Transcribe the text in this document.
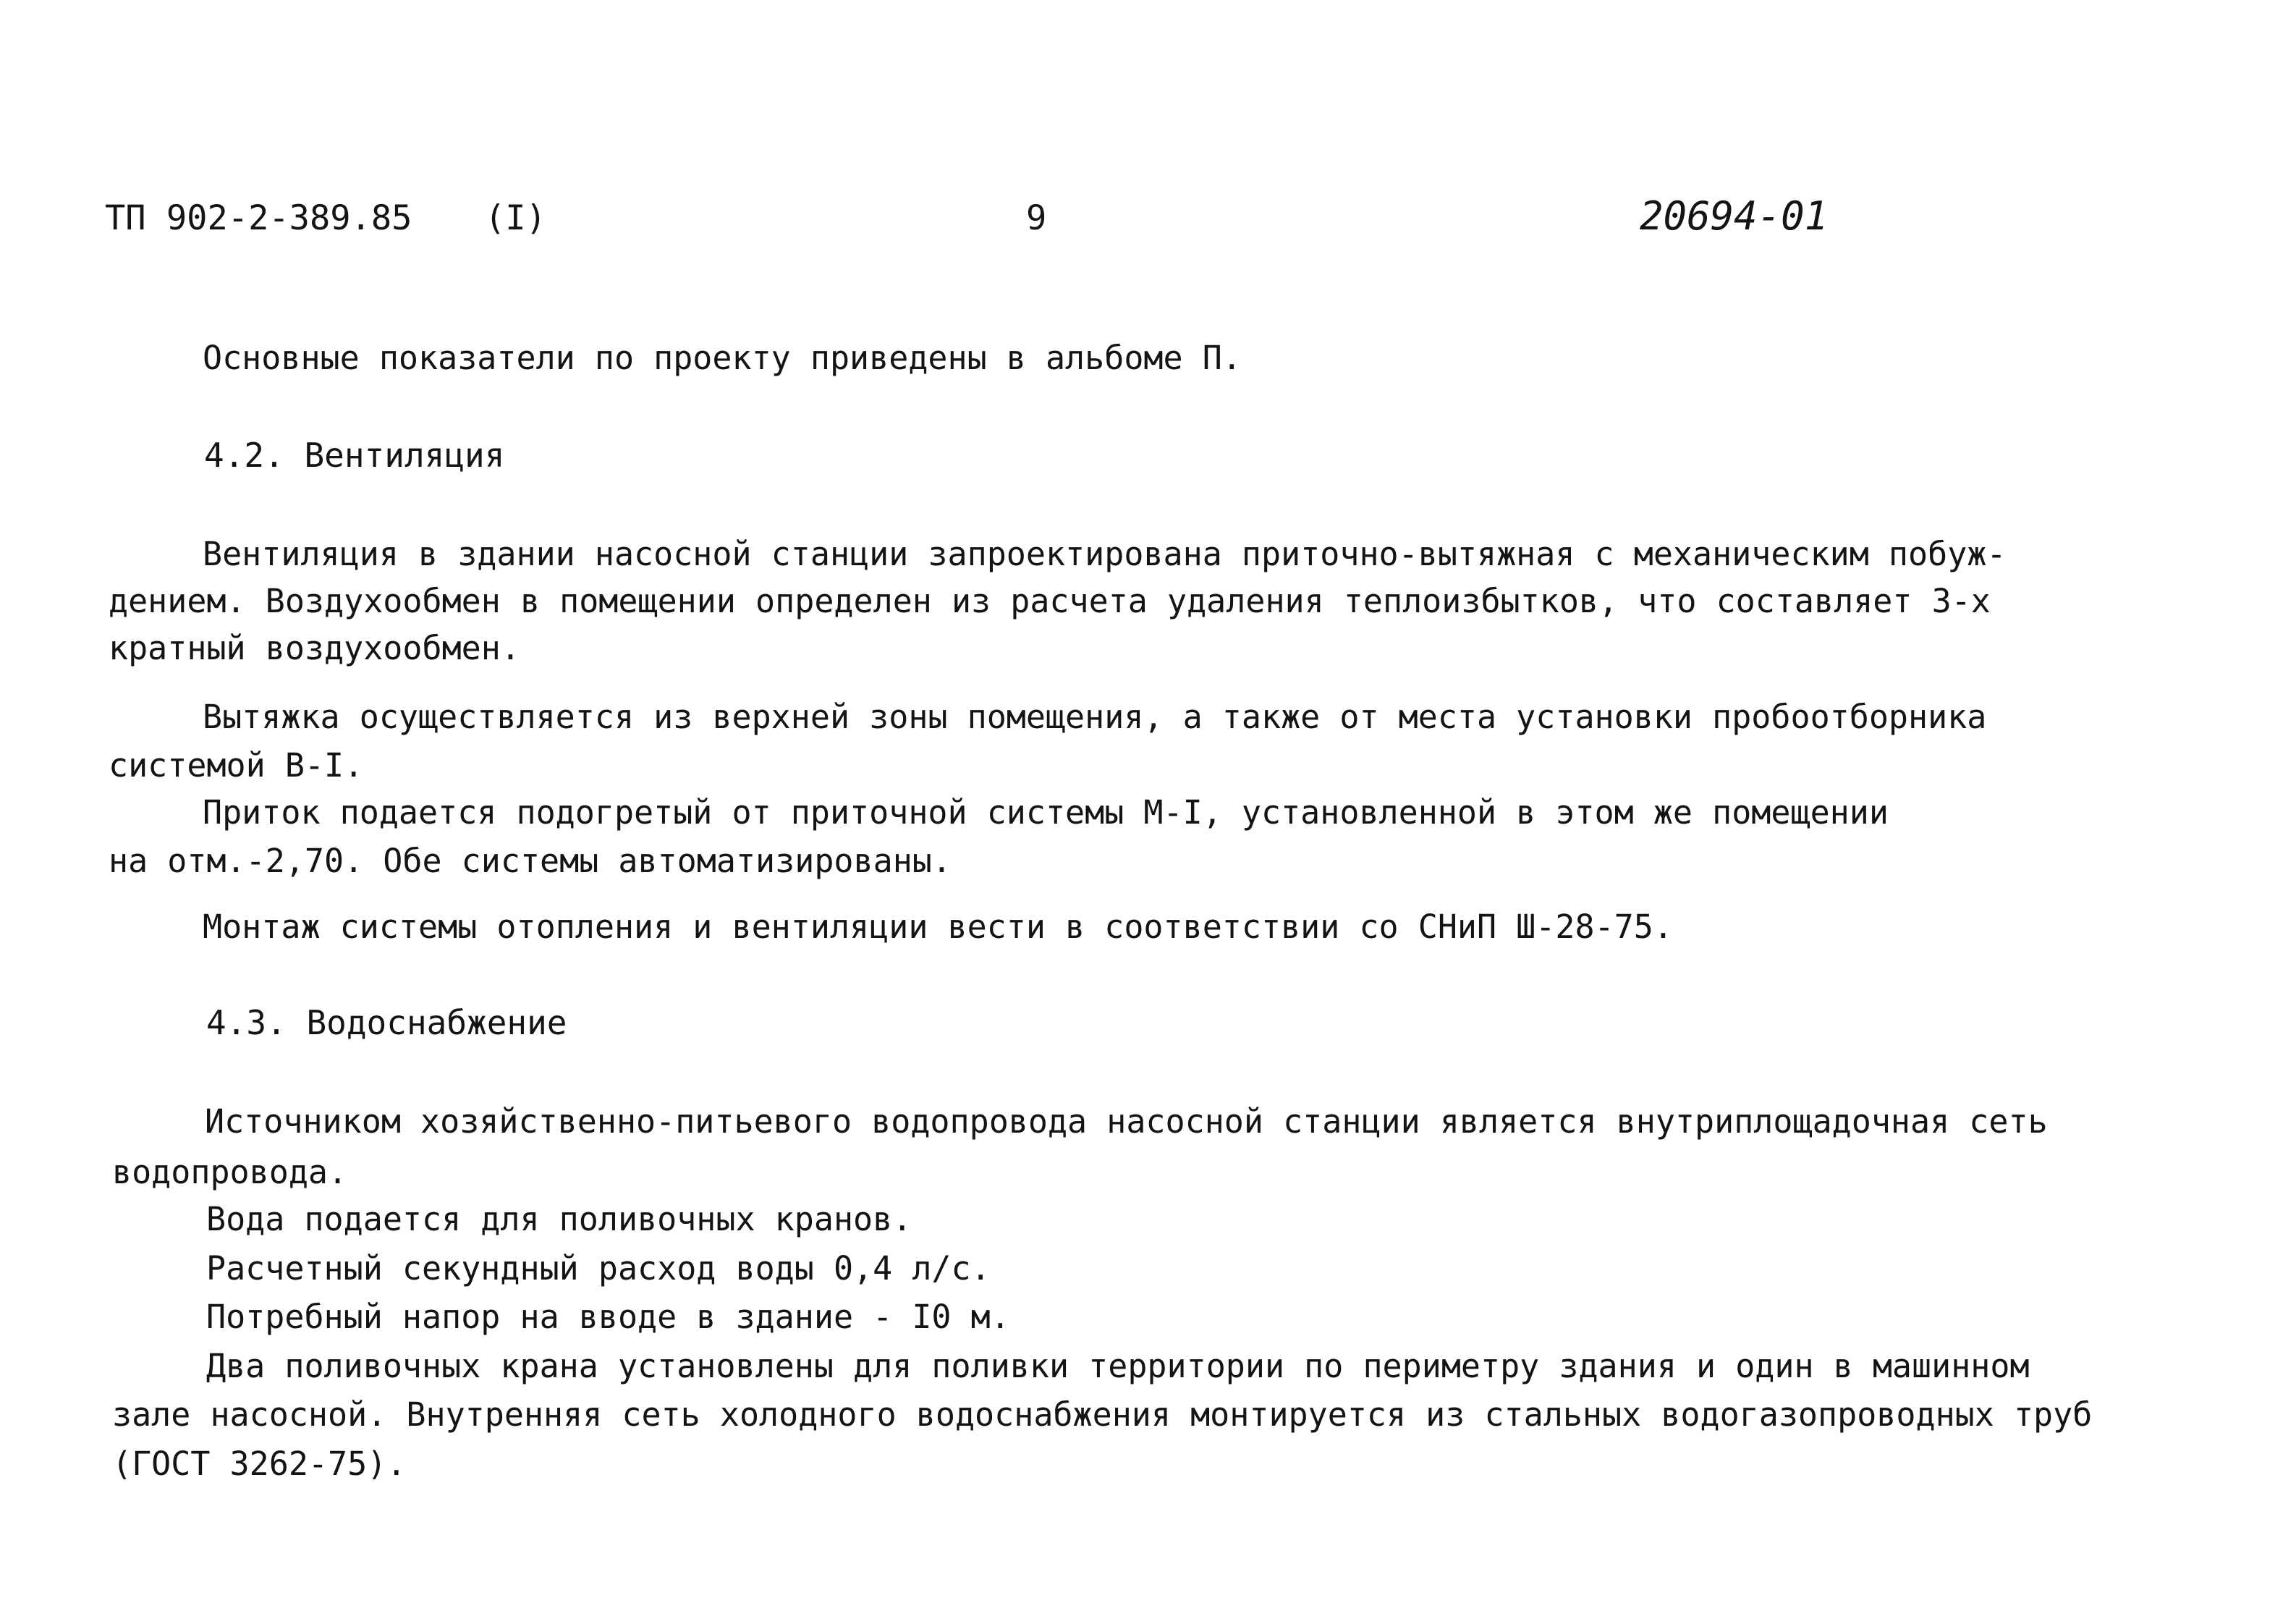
ТП 902-2-389.85 (I)	9	20694-01
Основные показатели по проекту приведены в альбоме П.
4.2. Вентиляция
Вентиляция в здании насосной станции запроектирована приточно-вытяжная с механическим побуж-
дением. Воздухообмен в помещении определен из расчета удаления теплоизбытков, что составляет 3-х
кратный воздухообмен.
Вытяжка осуществляется из верхней зоны помещения, а также от места установки пробоотборника
системой В-I.
Приток подается подогретый от приточной системы М-I, установленной в этом же помещении
на отм.-2,70. Обе системы автоматизированы.
Монтаж системы отопления и вентиляции вести в соответствии со СНиП Ш-28-75.
4.3. Водоснабжение
Источником хозяйственно-питьевого водопровода насосной станции является внутриплощадочная сеть
водопровода.
Вода подается для поливочных кранов.
Расчетный секундный расход воды 0,4 л/с.
Потребный напор на вводе в здание - I0 м.
Два поливочных крана установлены для поливки территории по периметру здания и один в машинном
зале насосной. Внутренняя сеть холодного водоснабжения монтируется из стальных водогазопроводных труб
(ГОСТ 3262-75).
